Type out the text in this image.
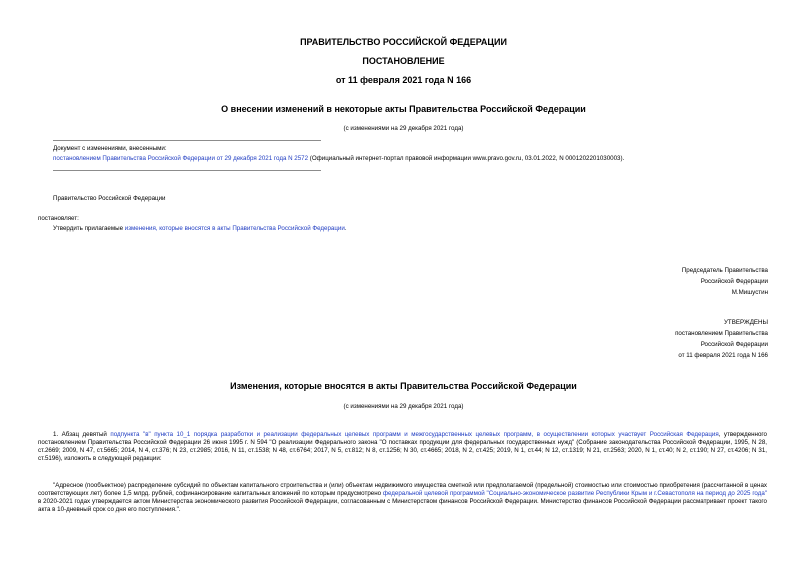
ПРАВИТЕЛЬСТВО РОССИЙСКОЙ ФЕДЕРАЦИИ
ПОСТАНОВЛЕНИЕ
от 11 февраля 2021 года N 166
О внесении изменений в некоторые акты Правительства Российской Федерации
(с изменениями на 29 декабря 2021 года)
Документ с изменениями, внесенными:
постановлением Правительства Российской Федерации от 29 декабря 2021 года N 2572 (Официальный интернет-портал правовой информации www.pravo.gov.ru, 03.01.2022, N 0001202201030003).
Правительство Российской Федерации
постановляет:
Утвердить прилагаемые изменения, которые вносятся в акты Правительства Российской Федерации.
Председатель Правительства
Российской Федерации
М.Мишустин
УТВЕРЖДЕНЫ
постановлением Правительства
Российской Федерации
от 11 февраля 2021 года N 166
Изменения, которые вносятся в акты Правительства Российской Федерации
(с изменениями на 29 декабря 2021 года)
1. Абзац девятый подпункта "в" пункта 10_1 порядка разработки и реализации федеральных целевых программ и межгосударственных целевых программ, в осуществлении которых участвует Российская Федерация, утвержденного постановлением Правительства Российской Федерации 26 июня 1995 г. N 594 "О реализации Федерального закона "О поставках продукции для федеральных государственных нужд" (Собрание законодательства Российской Федерации, 1995, N 28, ст.2669; 2009, N 47, ст.5665; 2014, N 4, ст.376; N 23, ст.2985; 2016, N 11, ст.1538; N 48, ст.6764; 2017, N 5, ст.812; N 8, ст.1256; N 30, ст.4665; 2018, N 2, ст.425; 2019, N 1, ст.44; N 12, ст.1319; N 21, ст.2563; 2020, N 1, ст.40; N 2, ст.190; N 27, ст.4206; N 31, ст.5196), изложить в следующей редакции:
"Адресное (пообъектное) распределение субсидий по объектам капитального строительства и (или) объектам недвижимого имущества сметной или предполагаемой (предельной) стоимостью или стоимостью приобретения (рассчитанной в ценах соответствующих лет) более 1,5 млрд. рублей, софинансирование капитальных вложений по которым предусмотрено федеральной целевой программой "Социально-экономическое развитие Республики Крым и г.Севастополя на период до 2025 года" в 2020-2021 годах утверждается актом Министерства экономического развития Российской Федерации, согласованным с Министерством финансов Российской Федерации. Министерство финансов Российской Федерации рассматривает проект такого акта в 10-дневный срок со дня его поступления.".
